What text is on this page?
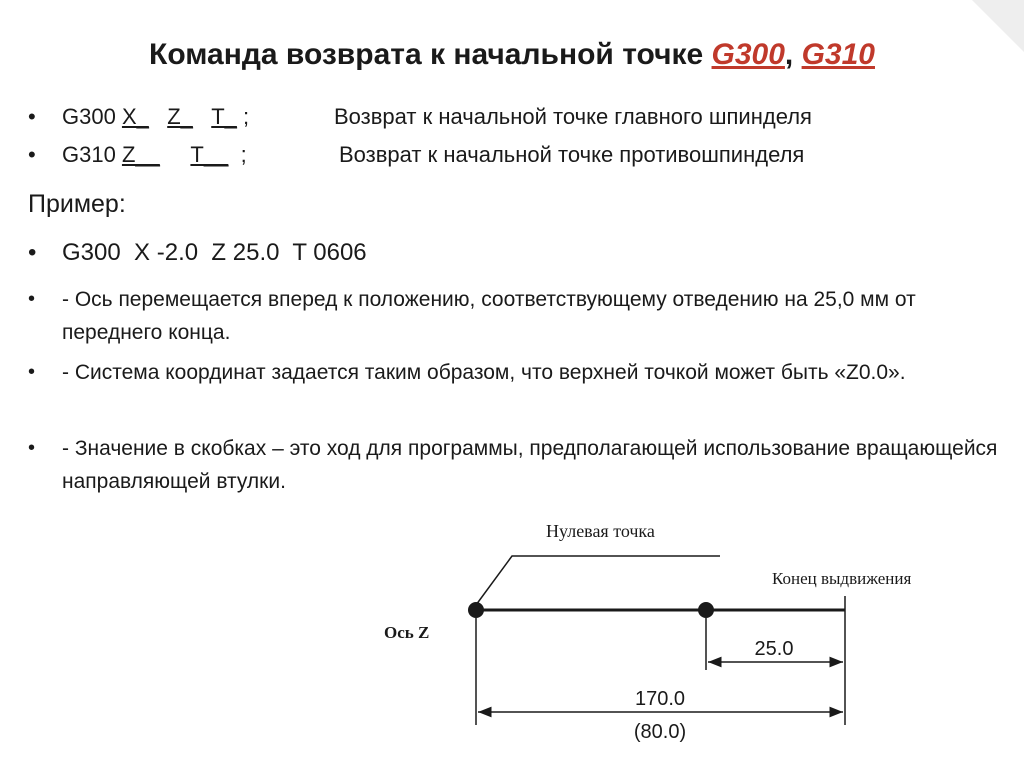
Команда возврата к начальной точке G300, G310
• G300 X_ Z_ T_ ;	Возврат к начальной точке главного шпинделя
• G310 Z__ T__ ;	Возврат к начальной точке противошпинделя
Пример:
• G300  X -2.0  Z 25.0  T 0606
• - Ось перемещается вперед к положению, соответствующему отведению на 25,0 мм от переднего конца.
• - Система координат задается таким образом, что верхней точкой может быть «Z0.0».
• - Значение в скобках – это ход для программы, предполагающей использование вращающейся направляющей втулки.
Нулевая точка
Конец выдвижения
Ось Z
25.0
170.0
(80.0)
